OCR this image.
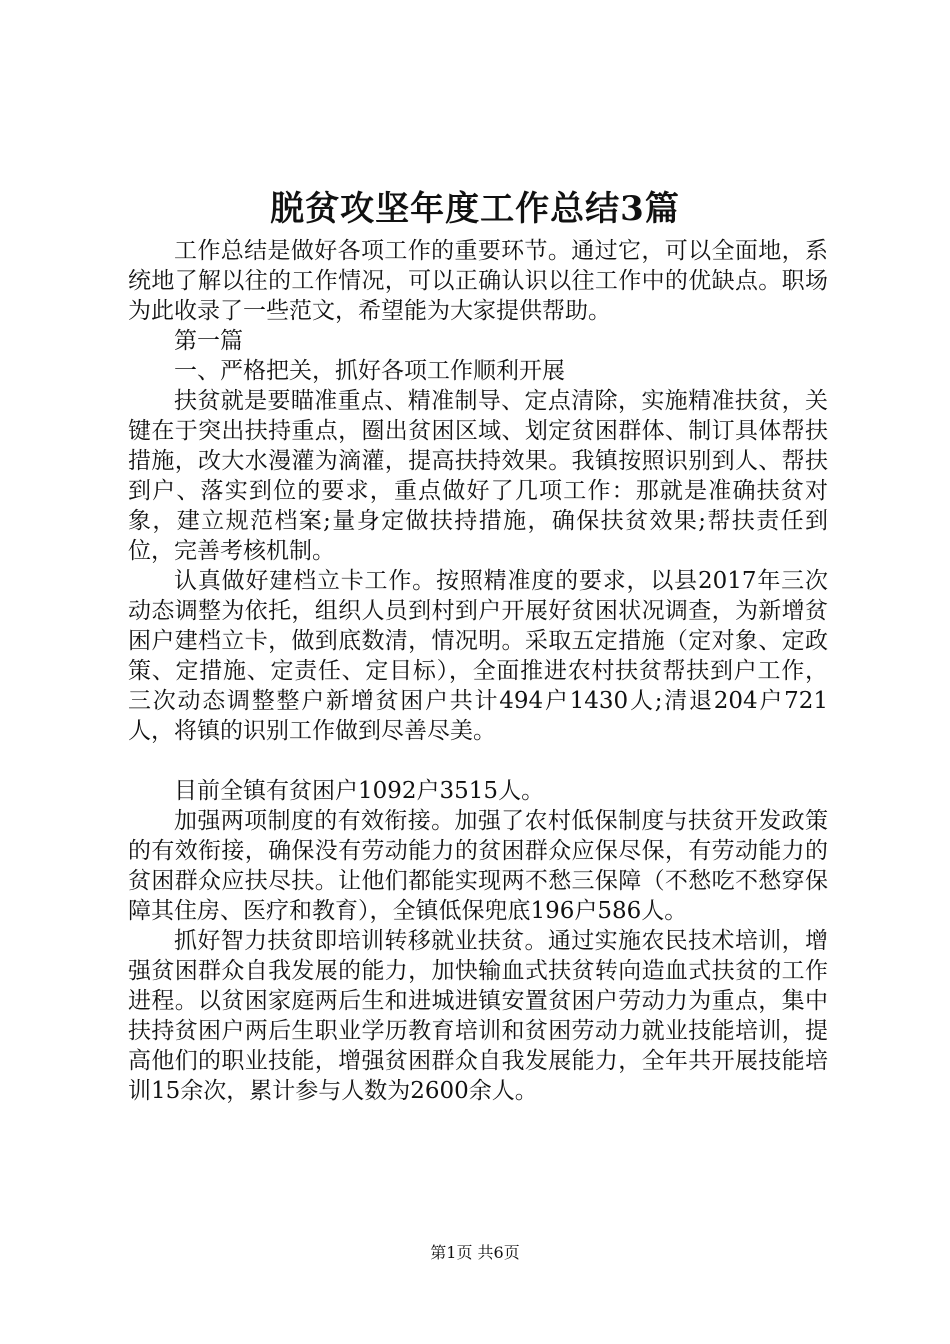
脱贫攻坚年度工作总结3篇

工作总结是做好各项工作的重要环节。通过它，可以全面地，系统地了解以往的工作情况，可以正确认识以往工作中的优缺点。职场为此收录了一些范文，希望能为大家提供帮助。

第一篇

一、严格把关，抓好各项工作顺利开展

扶贫就是要瞄准重点、精准制导、定点清除，实施精准扶贫，关键在于突出扶持重点，圈出贫困区域、划定贫困群体、制订具体帮扶措施，改大水漫灌为滴灌，提高扶持效果。我镇按照识别到人、帮扶到户、落实到位的要求，重点做好了几项工作：那就是准确扶贫对象，建立规范档案;量身定做扶持措施，确保扶贫效果;帮扶责任到位，完善考核机制。

认真做好建档立卡工作。按照精准度的要求，以县2017年三次动态调整为依托，组织人员到村到户开展好贫困状况调查，为新增贫困户建档立卡，做到底数清，情况明。采取五定措施（定对象、定政策、定措施、定责任、定目标），全面推进农村扶贫帮扶到户工作，三次动态调整整户新增贫困户共计494户1430人;清退204户721人，将镇的识别工作做到尽善尽美。

目前全镇有贫困户1092户3515人。

加强两项制度的有效衔接。加强了农村低保制度与扶贫开发政策的有效衔接，确保没有劳动能力的贫困群众应保尽保，有劳动能力的贫困群众应扶尽扶。让他们都能实现两不愁三保障（不愁吃不愁穿保障其住房、医疗和教育），全镇低保兜底196户586人。

抓好智力扶贫即培训转移就业扶贫。通过实施农民技术培训，增强贫困群众自我发展的能力，加快输血式扶贫转向造血式扶贫的工作进程。以贫困家庭两后生和进城进镇安置贫困户劳动力为重点，集中扶持贫困户两后生职业学历教育培训和贫困劳动力就业技能培训，提高他们的职业技能，增强贫困群众自我发展能力，全年共开展技能培训15余次，累计参与人数为2600余人。

第1页 共6页
